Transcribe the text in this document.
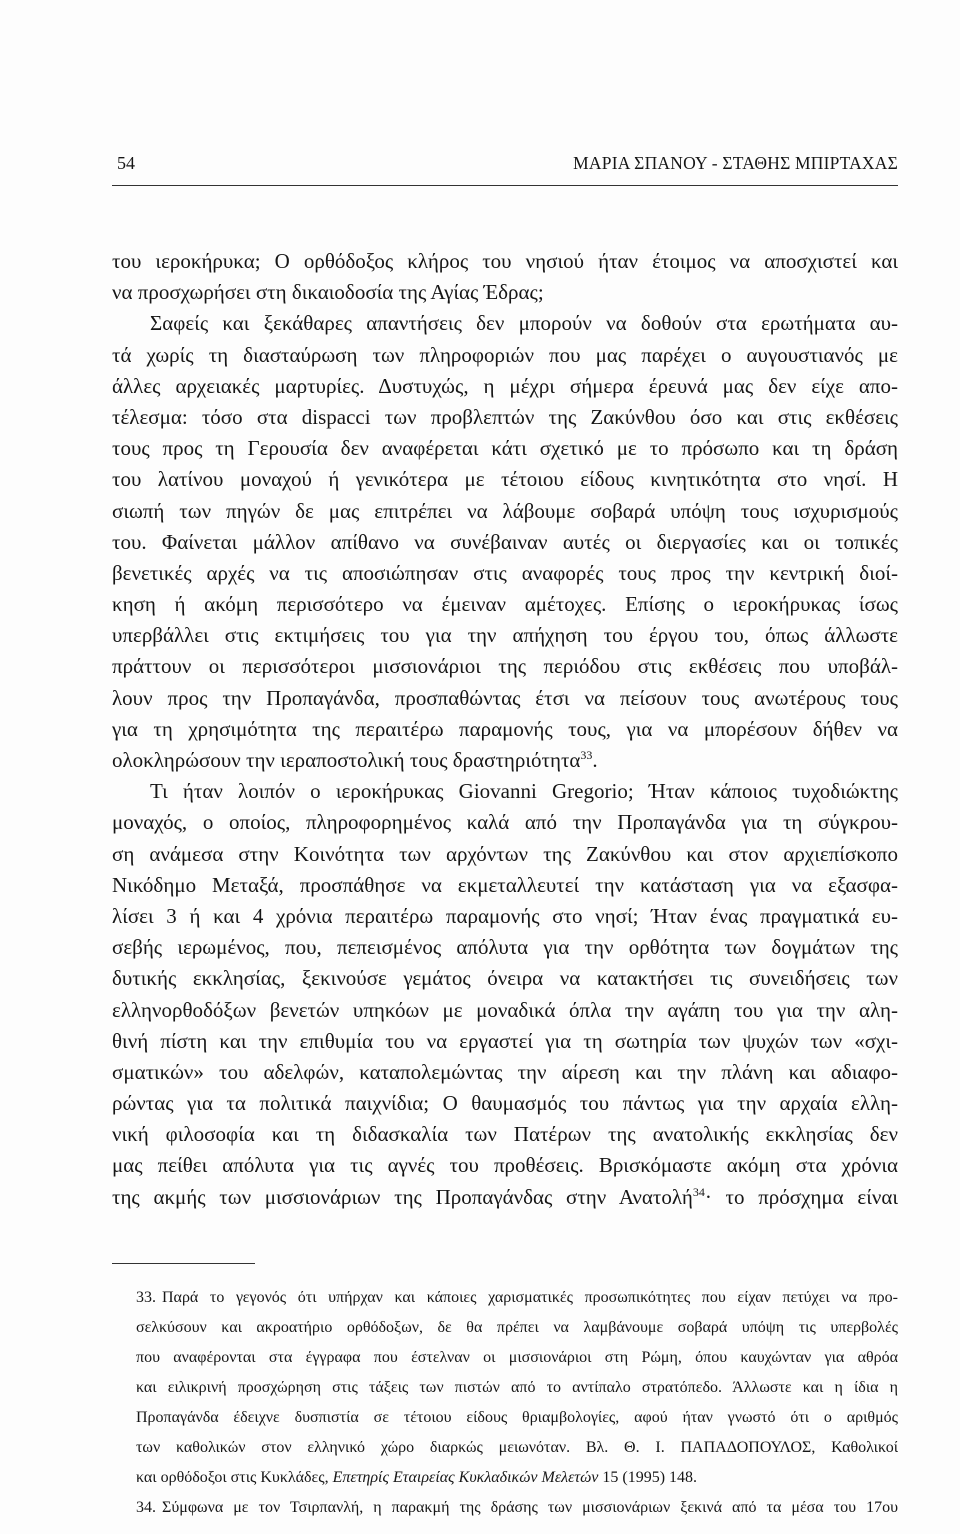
54	ΜΑΡΙΑ ΣΠΑΝΟΥ - ΣΤΑΘΗΣ ΜΠΙΡΤΑΧΑΣ
του ιεροκήρυκα; Ο ορθόδοξος κλήρος του νησιού ήταν έτοιμος να αποσχιστεί και
να προσχωρήσει στη δικαιοδοσία της Αγίας Έδρας;
Σαφείς και ξεκάθαρες απαντήσεις δεν μπορούν να δοθούν στα ερωτήματα αυ-
τά χωρίς τη διασταύρωση των πληροφοριών που μας παρέχει ο αυγουστιανός με
άλλες αρχειακές μαρτυρίες. Δυστυχώς, η μέχρι σήμερα έρευνά μας δεν είχε απο-
τέλεσμα: τόσο στα dispacci των προβλεπτών της Ζακύνθου όσο και στις εκθέσεις
τους προς τη Γερουσία δεν αναφέρεται κάτι σχετικό με το πρόσωπο και τη δράση
του λατίνου μοναχού ή γενικότερα με τέτοιου είδους κινητικότητα στο νησί. Η
σιωπή των πηγών δε μας επιτρέπει να λάβουμε σοβαρά υπόψη τους ισχυρισμούς
του. Φαίνεται μάλλον απίθανο να συνέβαιναν αυτές οι διεργασίες και οι τοπικές
βενετικές αρχές να τις αποσιώπησαν στις αναφορές τους προς την κεντρική διοί-
κηση ή ακόμη περισσότερο να έμειναν αμέτοχες. Επίσης ο ιεροκήρυκας ίσως
υπερβάλλει στις εκτιμήσεις του για την απήχηση του έργου του, όπως άλλωστε
πράττουν οι περισσότεροι μισσιονάριοι της περιόδου στις εκθέσεις που υποβάλ-
λουν προς την Προπαγάνδα, προσπαθώντας έτσι να πείσουν τους ανωτέρους τους
για τη χρησιμότητα της περαιτέρω παραμονής τους, για να μπορέσουν δήθεν να
ολοκληρώσουν την ιεραποστολική τους δραστηριότητα$^{33}$.
Τι ήταν λοιπόν ο ιεροκήρυκας Giovanni Gregorio; Ήταν κάποιος τυχοδιώκτης
μοναχός, ο οποίος, πληροφορημένος καλά από την Προπαγάνδα για τη σύγκρου-
ση ανάμεσα στην Κοινότητα των αρχόντων της Ζακύνθου και στον αρχιεπίσκοπο
Νικόδημο Μεταξά, προσπάθησε να εκμεταλλευτεί την κατάσταση για να εξασφα-
λίσει 3 ή και 4 χρόνια περαιτέρω παραμονής στο νησί; Ήταν ένας πραγματικά ευ-
σεβής ιερωμένος, που, πεπεισμένος απόλυτα για την ορθότητα των δογμάτων της
δυτικής εκκλησίας, ξεκινούσε γεμάτος όνειρα να κατακτήσει τις συνειδήσεις των
ελληνορθοδόξων βενετών υπηκόων με μοναδικά όπλα την αγάπη του για την αλη-
θινή πίστη και την επιθυμία του να εργαστεί για τη σωτηρία των ψυχών των «σχι-
σματικών» του αδελφών, καταπολεμώντας την αίρεση και την πλάνη και αδιαφο-
ρώντας για τα πολιτικά παιχνίδια; Ο θαυμασμός του πάντως για την αρχαία ελλη-
νική φιλοσοφία και τη διδασκαλία των Πατέρων της ανατολικής εκκλησίας δεν
μας πείθει απόλυτα για τις αγνές του προθέσεις. Βρισκόμαστε ακόμη στα χρόνια
της ακμής των μισσιονάριων της Προπαγάνδας στην Ανατολή$^{34}$· το πρόσχημα είναι
33. Παρά το γεγονός ότι υπήρχαν και κάποιες χαρισματικές προσωπικότητες που είχαν πετύχει να προ-
σελκύσουν και ακροατήριο ορθόδοξων, δε θα πρέπει να λαμβάνουμε σοβαρά υπόψη τις υπερβολές
που αναφέρονται στα έγγραφα που έστελναν οι μισσιονάριοι στη Ρώμη, όπου καυχώνταν για αθρόα
και ειλικρινή προσχώρηση στις τάξεις των πιστών από το αντίπαλο στρατόπεδο. Άλλωστε και η ίδια η
Προπαγάνδα έδειχνε δυσπιστία σε τέτοιου είδους θριαμβολογίες, αφού ήταν γνωστό ότι ο αριθμός
των καθολικών στον ελληνικό χώρο διαρκώς μειωνόταν. Βλ. Θ. Ι. ΠΑΠΑΔΟΠΟΥΛΟΣ, Καθολικοί
και ορθόδοξοι στις Κυκλάδες, Επετηρίς Εταιρείας Κυκλαδικών Μελετών 15 (1995) 148.
34. Σύμφωνα με τον Τσιρπανλή, η παρακμή της δράσης των μισσιονάριων ξεκινά από τα μέσα του 17ου
